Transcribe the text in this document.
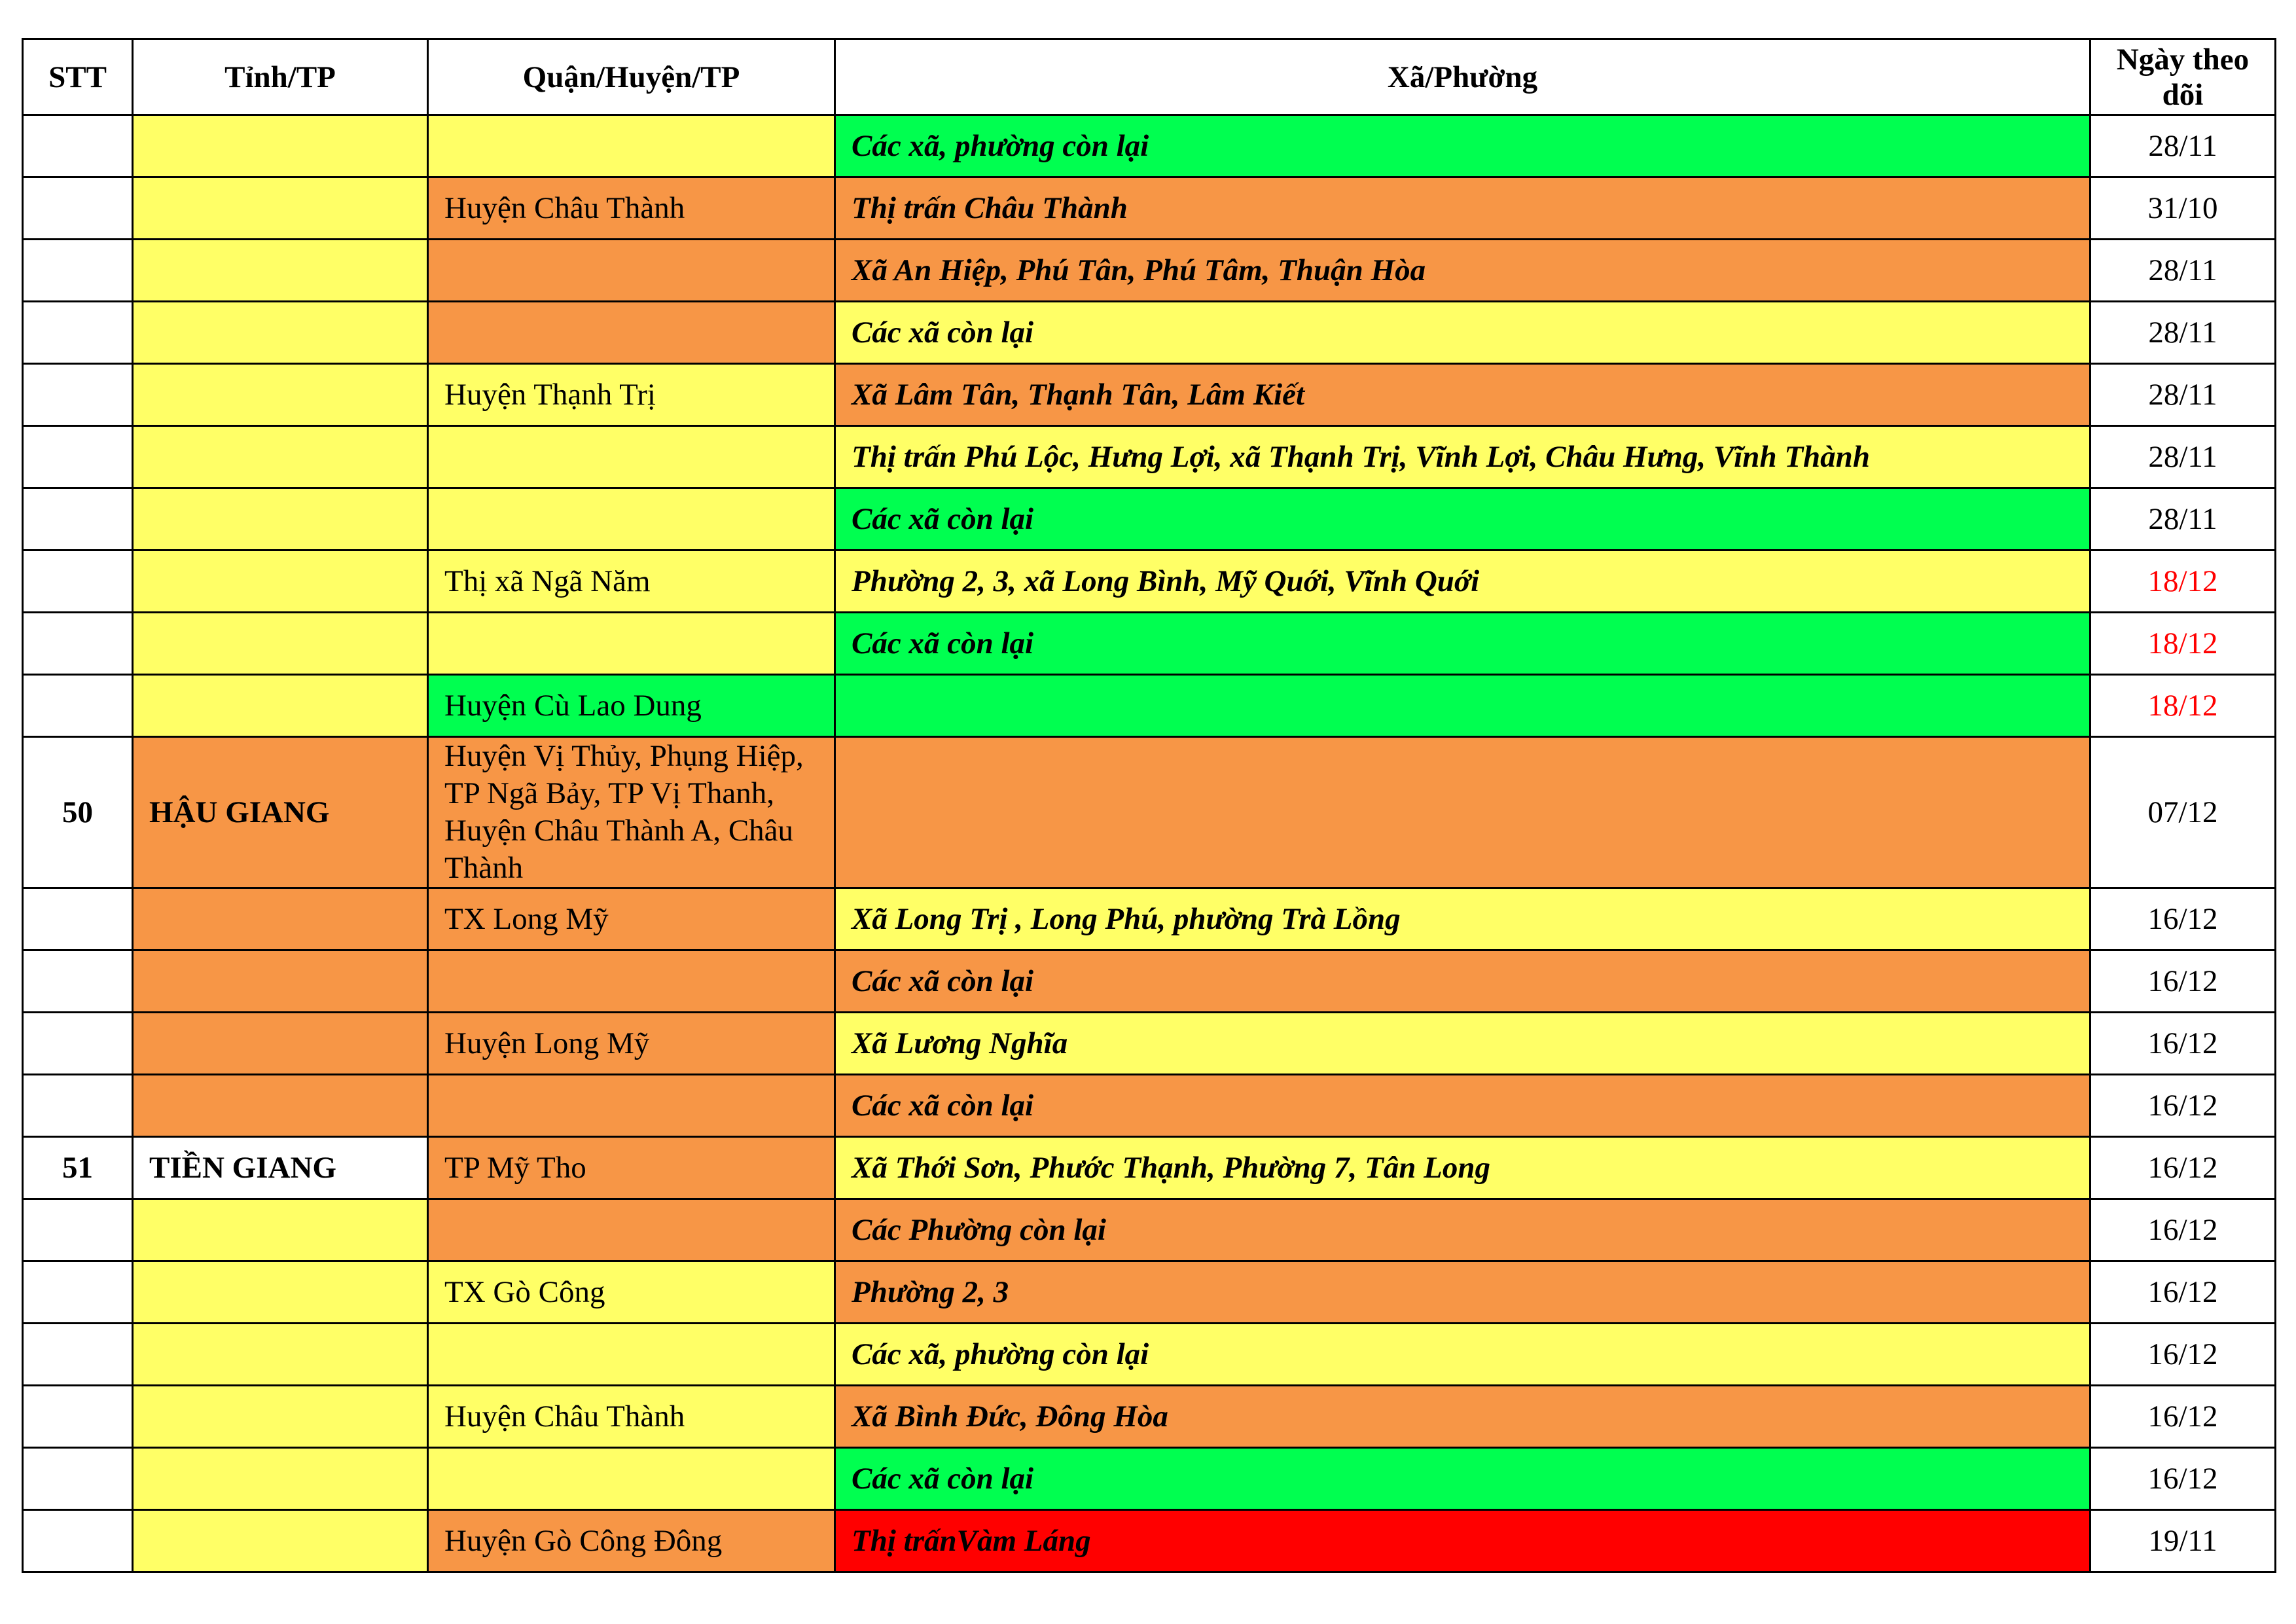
STT	Tỉnh/TP	Quận/Huyện/TP	Xã/Phường	Ngày theo dõi
			Các xã, phường còn lại	28/11
		Huyện Châu Thành	Thị trấn Châu Thành	31/10
			Xã An Hiệp, Phú Tân, Phú Tâm, Thuận Hòa	28/11
			Các xã còn lại	28/11
		Huyện Thạnh Trị	Xã Lâm Tân, Thạnh Tân, Lâm Kiết	28/11
			Thị trấn Phú Lộc, Hưng Lợi, xã Thạnh Trị, Vĩnh Lợi, Châu Hưng, Vĩnh Thành	28/11
			Các xã còn lại	28/11
		Thị xã Ngã Năm	Phường 2, 3, xã Long Bình, Mỹ Quới, Vĩnh Quới	18/12
			Các xã còn lại	18/12
		Huyện Cù Lao Dung		18/12
50	HẬU GIANG	Huyện Vị Thủy, Phụng Hiệp, TP Ngã Bảy, TP Vị Thanh, Huyện Châu Thành A, Châu Thành		07/12
		TX Long Mỹ	Xã Long Trị , Long Phú, phường Trà Lồng	16/12
			Các xã còn lại	16/12
		Huyện Long Mỹ	Xã Lương Nghĩa	16/12
			Các xã còn lại	16/12
51	TIỀN GIANG	TP Mỹ Tho	Xã Thới Sơn, Phước Thạnh, Phường 7, Tân Long	16/12
			Các Phường còn lại	16/12
		TX Gò Công	Phường 2, 3	16/12
			Các xã, phường còn lại	16/12
		Huyện Châu Thành	Xã Bình Đức, Đông Hòa	16/12
			Các xã còn lại	16/12
		Huyện Gò Công Đông	Thị trấnVàm Láng	19/11
